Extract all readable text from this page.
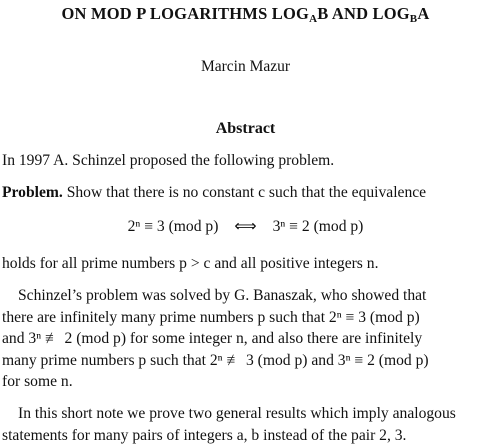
ON MOD P LOGARITHMS $LOG_AB$ AND $LOG_BA$
Marcin Mazur
Abstract
In 1997 A. Schinzel proposed the following problem.
Problem. Show that there is no constant c such that the equivalence
2ⁿ ≡ 3 (mod p) ⟺ 3ⁿ ≡ 2 (mod p)
holds for all prime numbers p > c and all positive integers n.
Schinzel’s problem was solved by G. Banaszak, who showed that
there are infinitely many prime numbers p such that 2ⁿ ≡ 3 (mod p)
and 3ⁿ ≢ 2 (mod p) for some integer n, and also there are infinitely
many prime numbers p such that 2ⁿ ≢ 3 (mod p) and 3ⁿ ≡ 2 (mod p)
for some n.
In this short note we prove two general results which imply analogous
statements for many pairs of integers a, b instead of the pair 2, 3.
